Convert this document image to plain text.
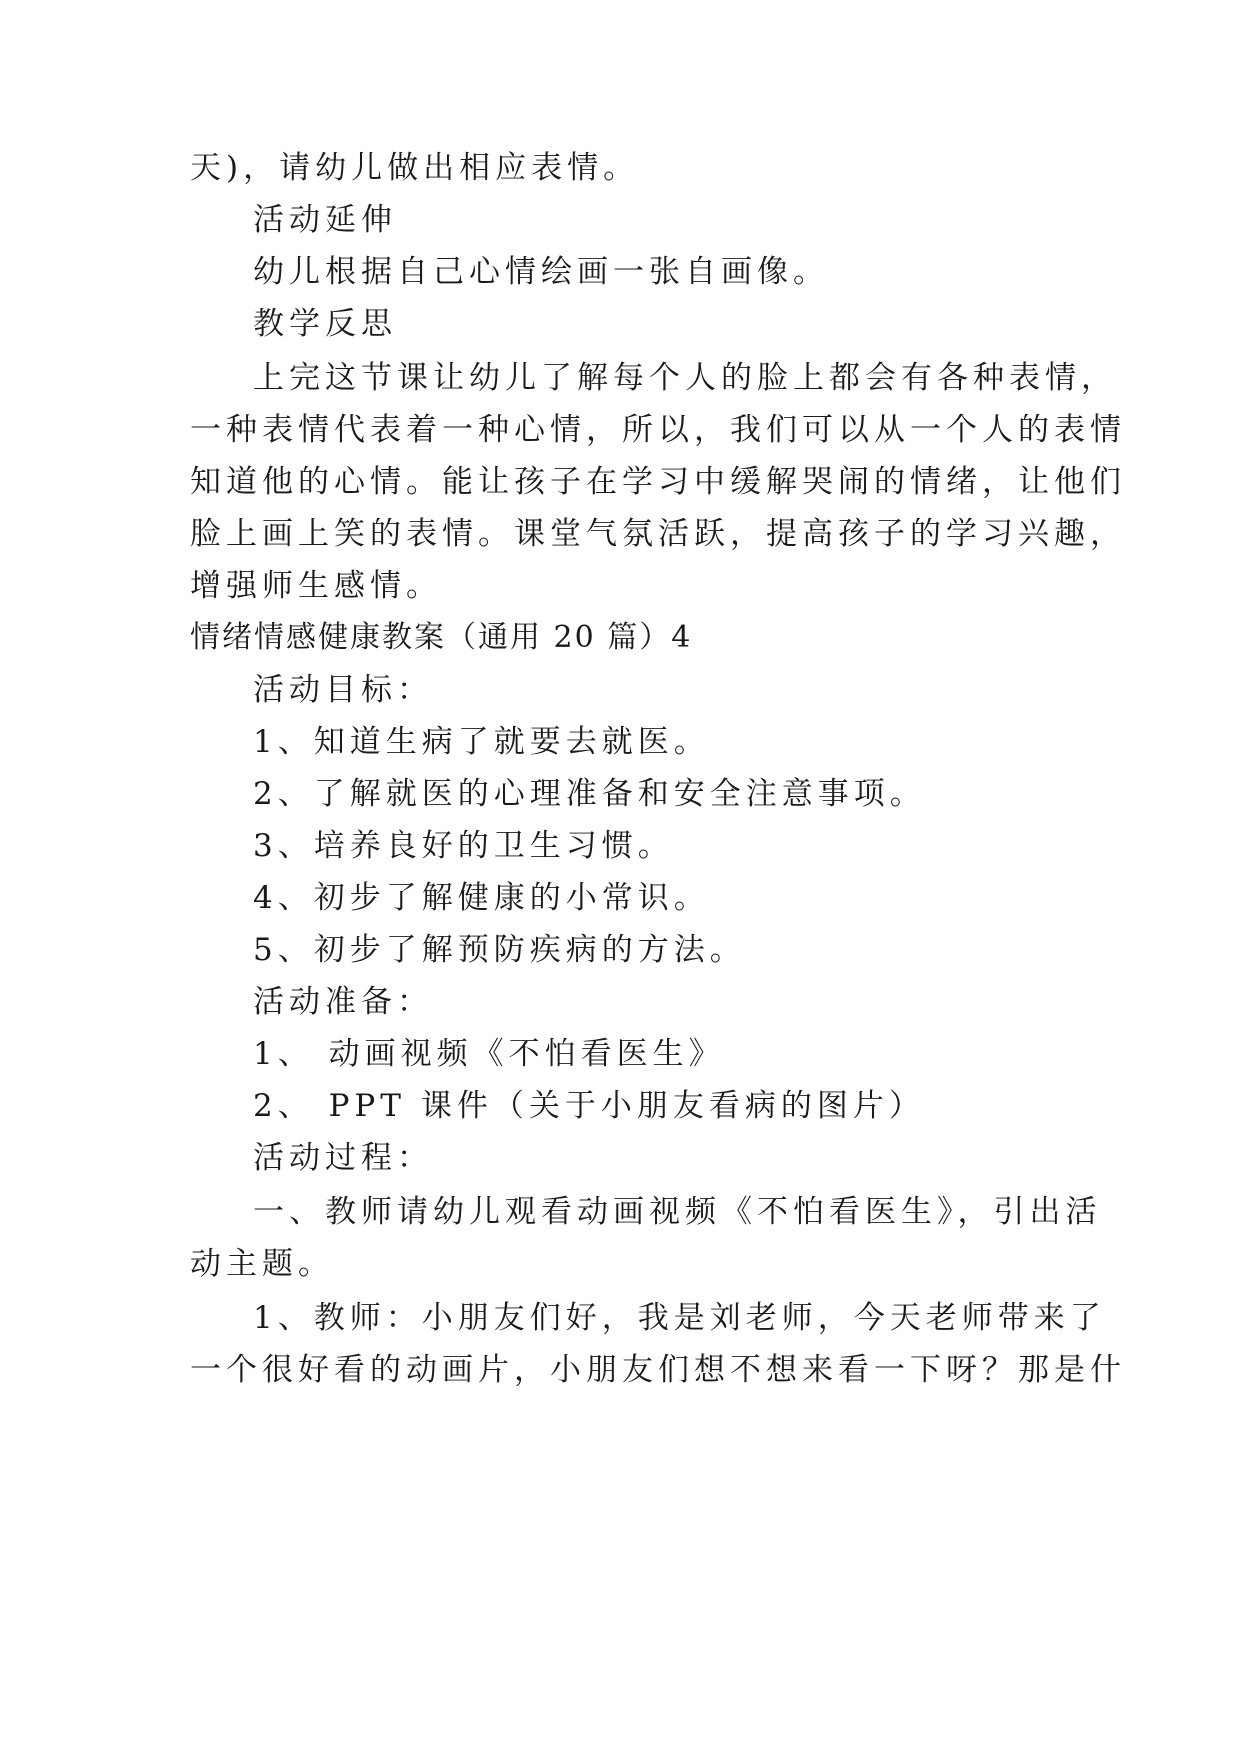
天)，请幼儿做出相应表情。
活动延伸
幼儿根据自己心情绘画一张自画像。
教学反思
上完这节课让幼儿了解每个人的脸上都会有各种表情，
一种表情代表着一种心情，所以，我们可以从一个人的表情
知道他的心情。能让孩子在学习中缓解哭闹的情绪，让他们
脸上画上笑的表情。课堂气氛活跃，提高孩子的学习兴趣，
增强师生感情。
情绪情感健康教案（通用 20 篇）4
活动目标：
1、知道生病了就要去就医。
2、了解就医的心理准备和安全注意事项。
3、培养良好的卫生习惯。
4、初步了解健康的小常识。
5、初步了解预防疾病的方法。
活动准备：
1、 动画视频《不怕看医生》
2、 PPT 课件（关于小朋友看病的图片）
活动过程：
一、教师请幼儿观看动画视频《不怕看医生》，引出活
动主题。
1、教师：小朋友们好，我是刘老师，今天老师带来了
一个很好看的动画片，小朋友们想不想来看一下呀？那是什
